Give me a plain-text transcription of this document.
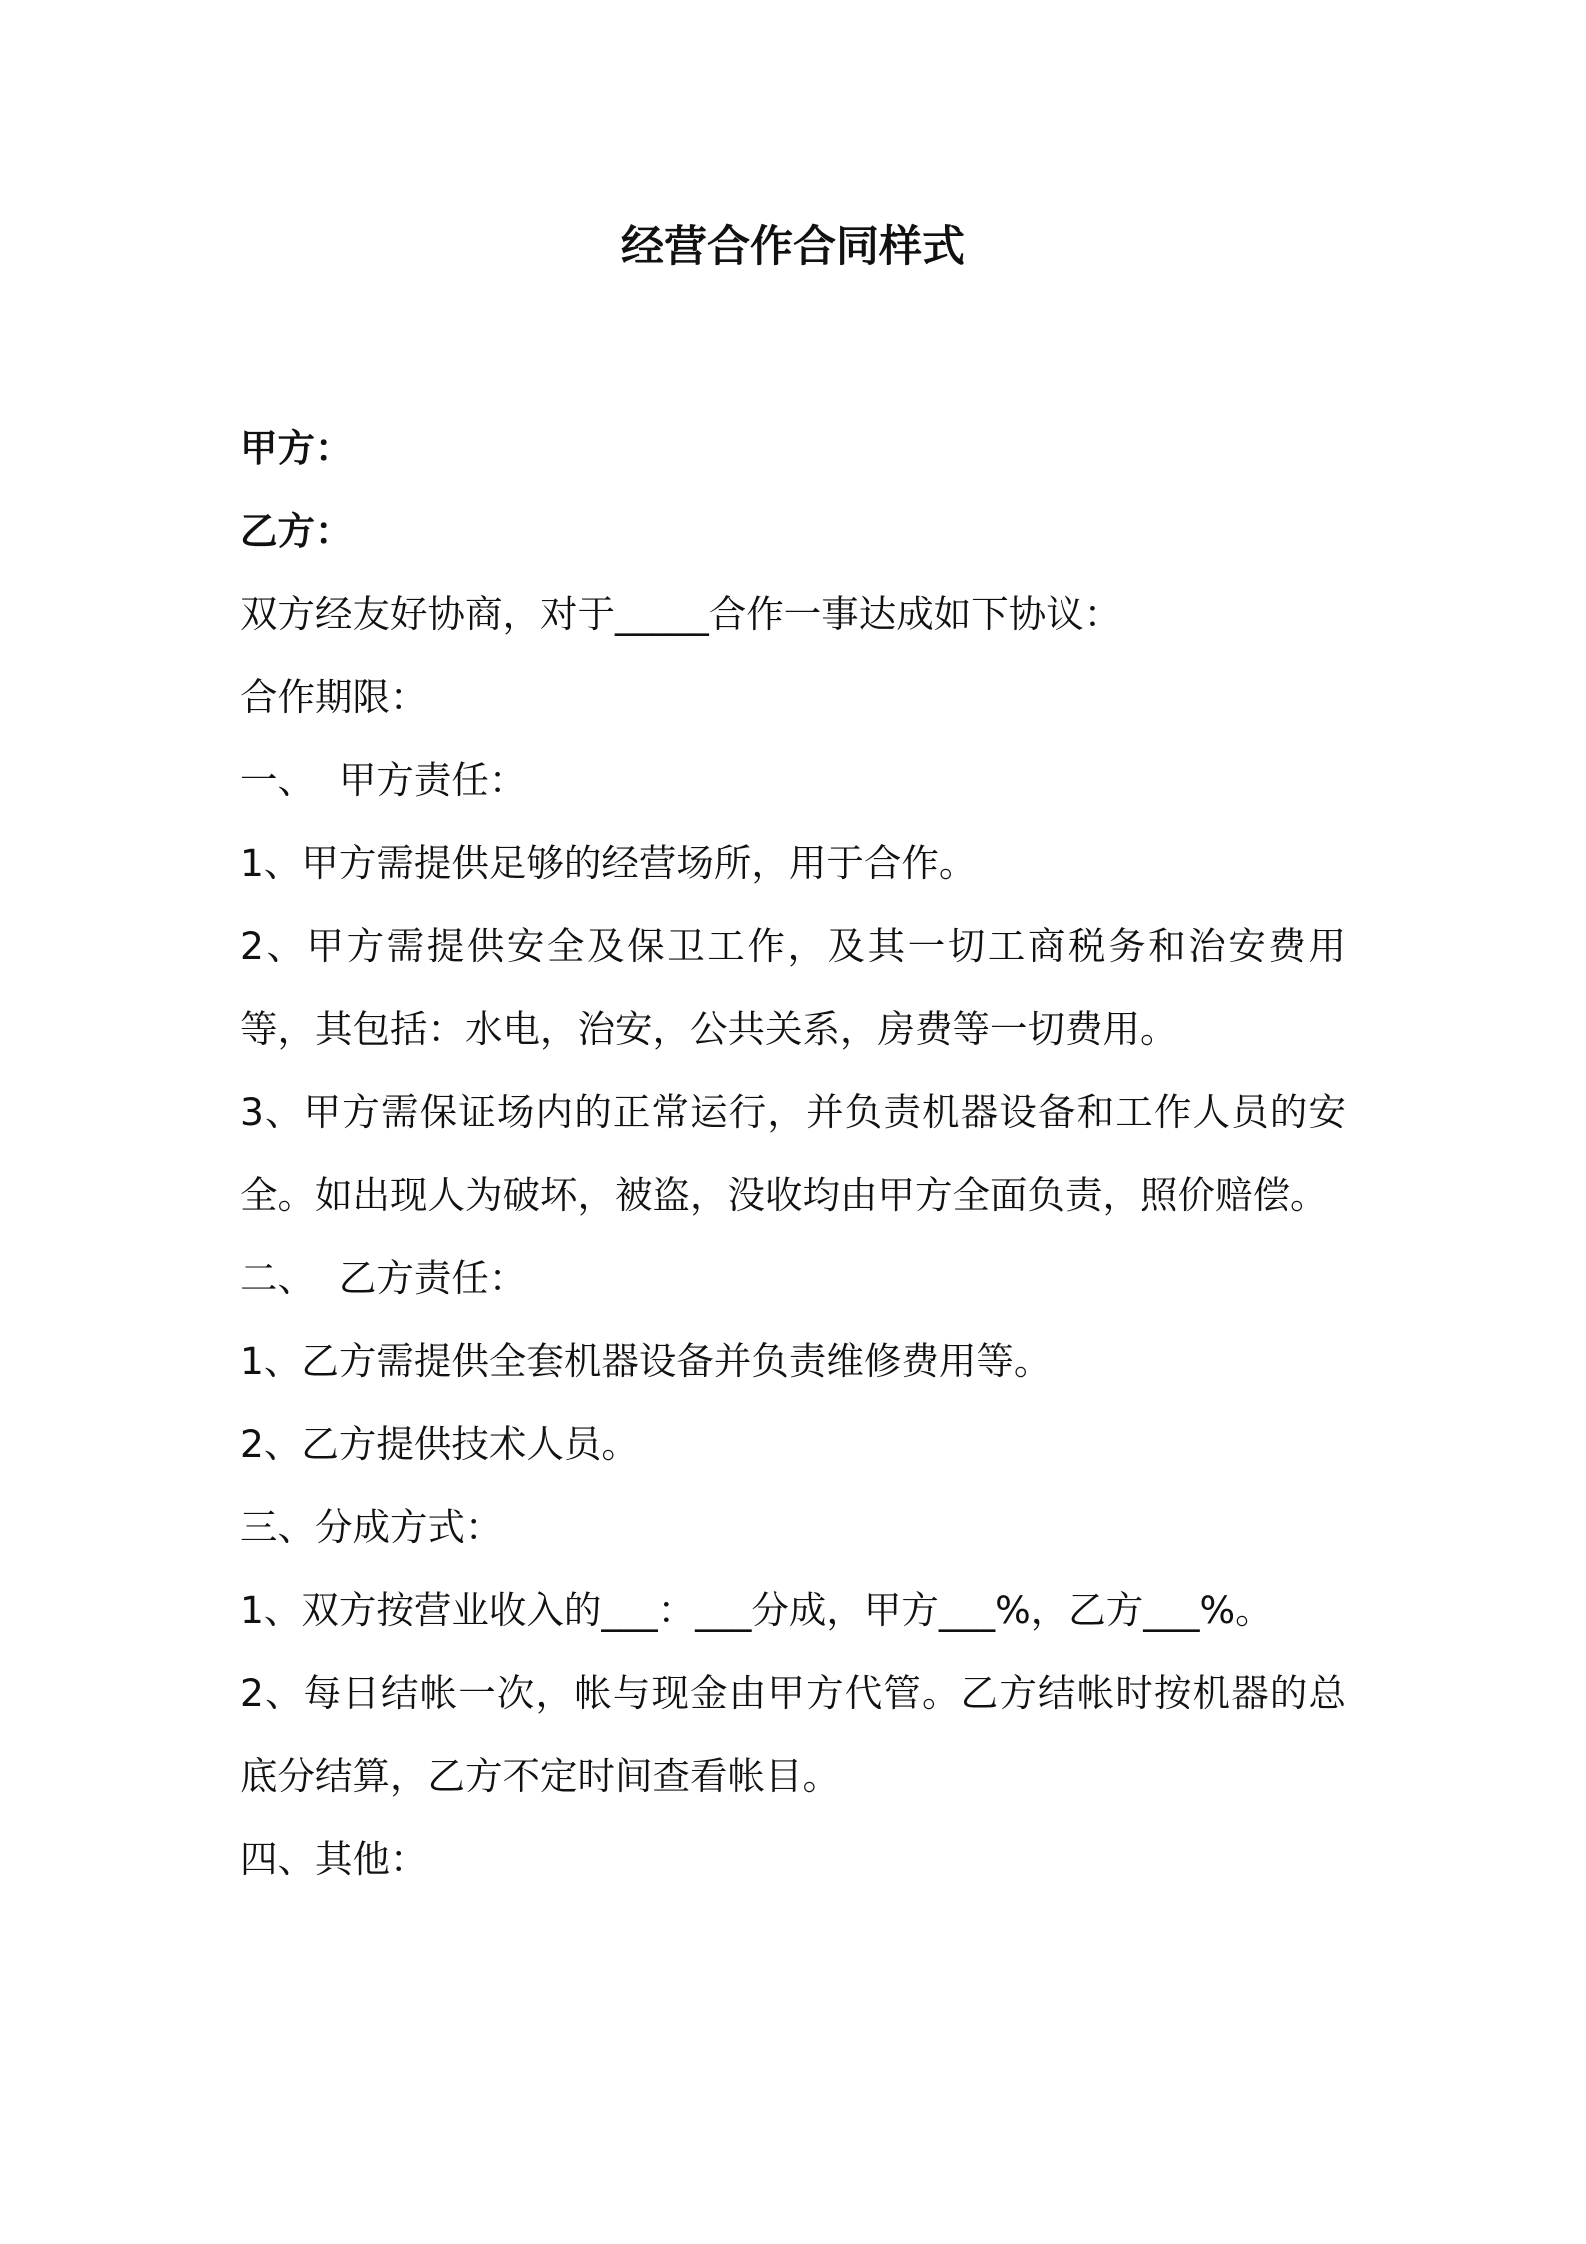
经营合作合同样式

甲方：

乙方：

双方经友好协商，对于_____合作一事达成如下协议：

合作期限：

一、  甲方责任：

1、甲方需提供足够的经营场所，用于合作。

2、甲方需提供安全及保卫工作，及其一切工商税务和治安费用等，其包括：水电，治安，公共关系，房费等一切费用。

3、甲方需保证场内的正常运行，并负责机器设备和工作人员的安全。如出现人为破坏，被盗，没收均由甲方全面负责，照价赔偿。

二、  乙方责任：

1、乙方需提供全套机器设备并负责维修费用等。

2、乙方提供技术人员。

三、分成方式：

1、双方按营业收入的___：___分成，甲方___%，乙方___%。

2、每日结帐一次，帐与现金由甲方代管。乙方结帐时按机器的总底分结算，乙方不定时间查看帐目。

四、其他：
